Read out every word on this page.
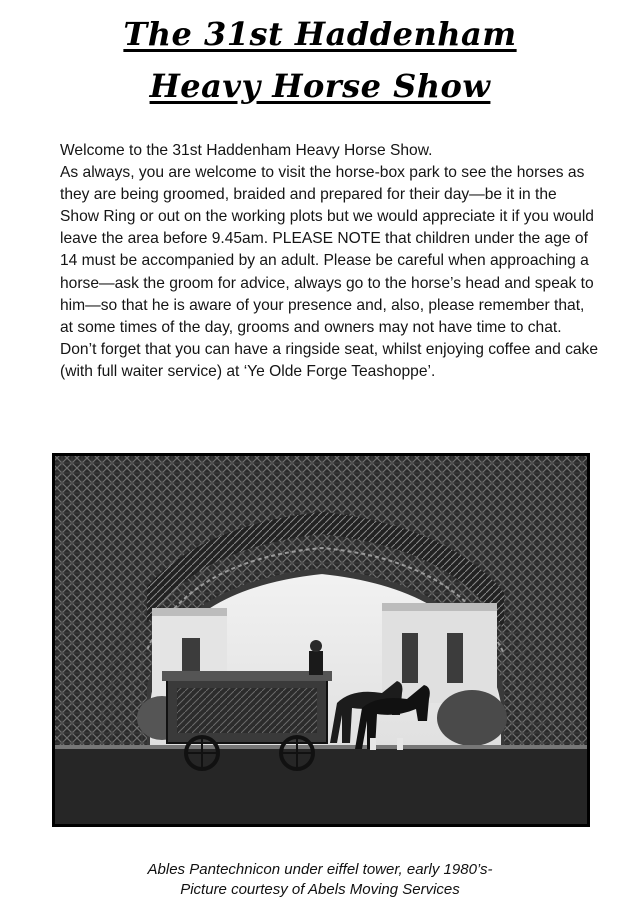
The 31st Haddenham
Heavy Horse Show

Welcome to the 31st Haddenham Heavy Horse Show.

As always, you are welcome to visit the horse-box park to see the horses as they are being groomed, braided and prepared for their day—be it in the Show Ring or out on the working plots but we would appreciate it if you would leave the area before 9.45am. PLEASE NOTE that children under the age of 14 must be accompanied by an adult. Please be careful when approaching a horse—ask the groom for advice, always go to the horse’s head and speak to him—so that he is aware of your presence and, also, please remember that, at some times of the day, grooms and owners may not have time to chat. Don’t forget that you can have a ringside seat, whilst enjoying coffee and cake (with full waiter service) at ‘Ye Olde Forge Teashoppe’.

Ables Pantechnicon under eiffel tower, early 1980’s-
Picture courtesy of Abels Moving Services
